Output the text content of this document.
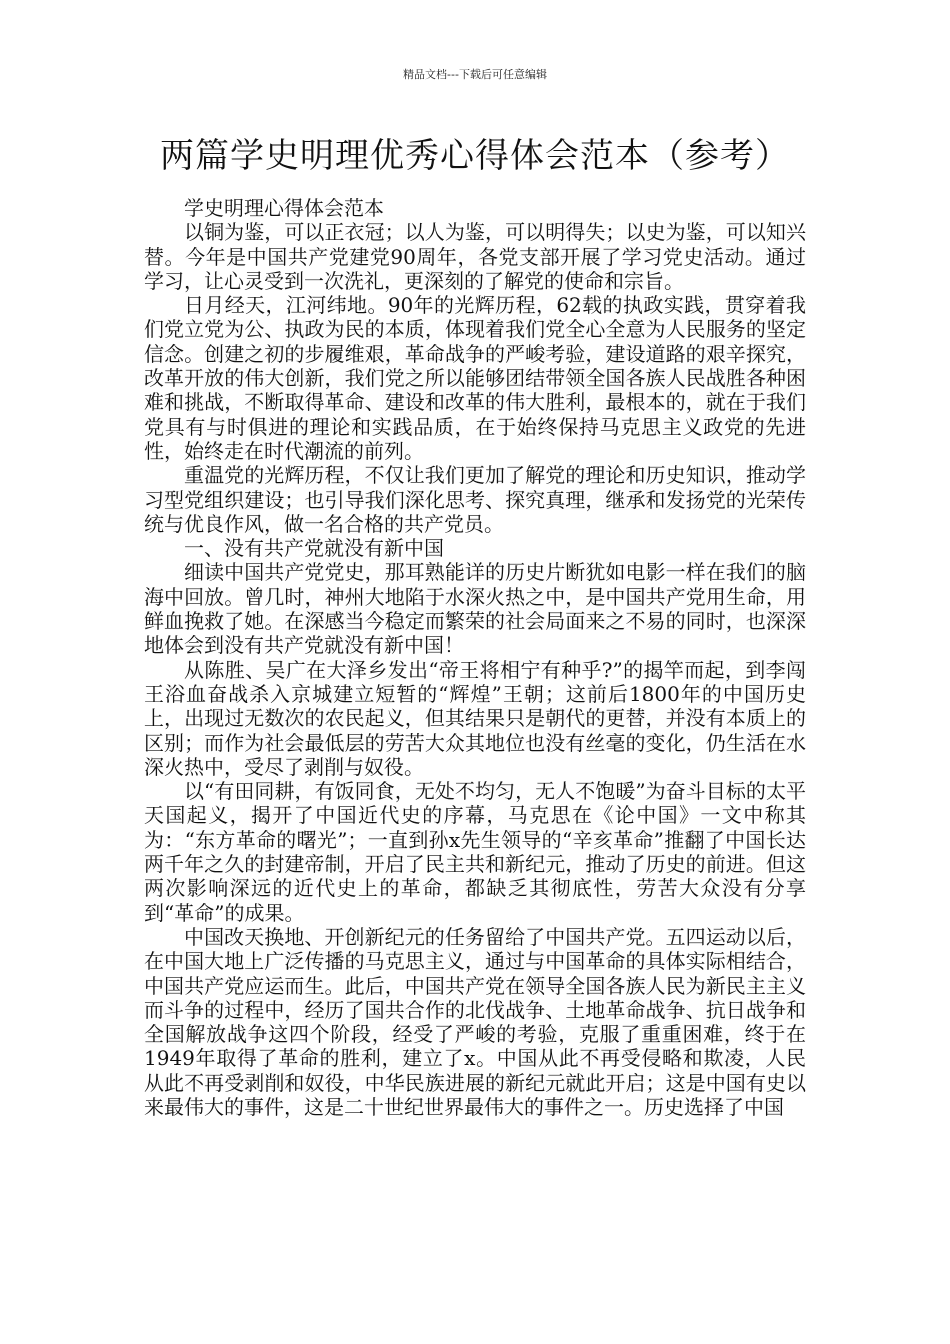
精品文档---下载后可任意编辑
两篇学史明理优秀心得体会范本（参考）

学史明理心得体会范本

以铜为鉴，可以正衣冠；以人为鉴，可以明得失；以史为鉴，可以知兴替。今年是中国共产党建党90周年，各党支部开展了学习党史活动。通过学习，让心灵受到一次洗礼，更深刻的了解党的使命和宗旨。

日月经天，江河纬地。90年的光辉历程，62载的执政实践，贯穿着我们党立党为公、执政为民的本质，体现着我们党全心全意为人民服务的坚定信念。创建之初的步履维艰，革命战争的严峻考验，建设道路的艰辛探究，改革开放的伟大创新，我们党之所以能够团结带领全国各族人民战胜各种困难和挑战，不断取得革命、建设和改革的伟大胜利，最根本的，就在于我们党具有与时俱进的理论和实践品质，在于始终保持马克思主义政党的先进性，始终走在时代潮流的前列。

重温党的光辉历程，不仅让我们更加了解党的理论和历史知识，推动学习型党组织建设；也引导我们深化思考、探究真理，继承和发扬党的光荣传统与优良作风，做一名合格的共产党员。

一、没有共产党就没有新中国

细读中国共产党党史，那耳熟能详的历史片断犹如电影一样在我们的脑海中回放。曾几时，神州大地陷于水深火热之中，是中国共产党用生命，用鲜血挽救了她。在深感当今稳定而繁荣的社会局面来之不易的同时，也深深地体会到没有共产党就没有新中国！

从陈胜、吴广在大泽乡发出“帝王将相宁有种乎?”的揭竿而起，到李闯王浴血奋战杀入京城建立短暂的“辉煌”王朝；这前后1800年的中国历史上，出现过无数次的农民起义，但其结果只是朝代的更替，并没有本质上的区别；而作为社会最低层的劳苦大众其地位也没有丝毫的变化，仍生活在水深火热中，受尽了剥削与奴役。

以“有田同耕，有饭同食，无处不均匀，无人不饱暖”为奋斗目标的太平天国起义，揭开了中国近代史的序幕，马克思在《论中国》一文中称其为：“东方革命的曙光”；一直到孙x先生领导的“辛亥革命”推翻了中国长达两千年之久的封建帝制，开启了民主共和新纪元，推动了历史的前进。但这两次影响深远的近代史上的革命，都缺乏其彻底性，劳苦大众没有分享到“革命”的成果。

中国改天换地、开创新纪元的任务留给了中国共产党。五四运动以后，在中国大地上广泛传播的马克思主义，通过与中国革命的具体实际相结合，中国共产党应运而生。此后，中国共产党在领导全国各族人民为新民主主义而斗争的过程中，经历了国共合作的北伐战争、土地革命战争、抗日战争和全国解放战争这四个阶段，经受了严峻的考验，克服了重重困难，终于在1949年取得了革命的胜利，建立了x。中国从此不再受侵略和欺凌，人民从此不再受剥削和奴役，中华民族进展的新纪元就此开启；这是中国有史以来最伟大的事件，这是二十世纪世界最伟大的事件之一。历史选择了中国
